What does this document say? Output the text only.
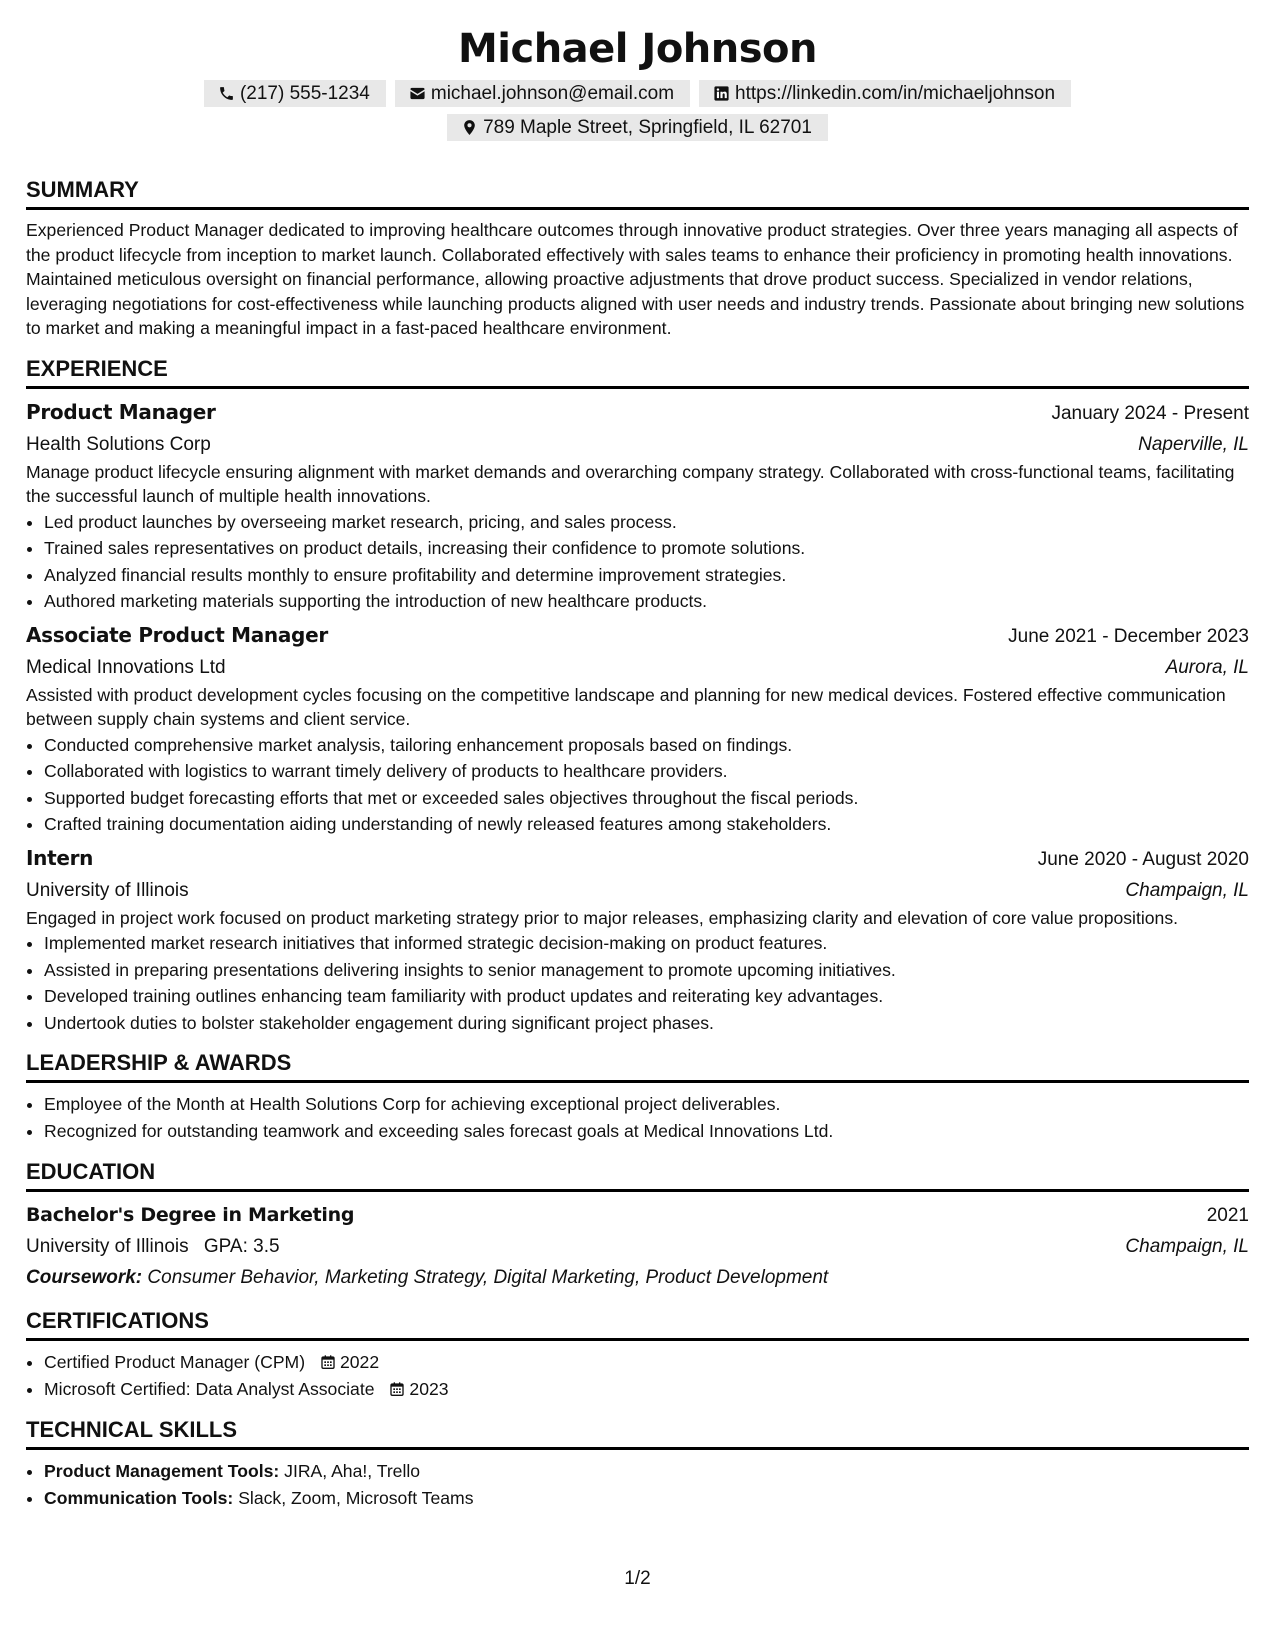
Michael Johnson
(217) 555-1234	michael.johnson@email.com	https://linkedin.com/in/michaeljohnson
789 Maple Street, Springfield, IL 62701
SUMMARY

Experienced Product Manager dedicated to improving healthcare outcomes through innovative product strategies. Over three years managing all aspects of the product lifecycle from inception to market launch. Collaborated effectively with sales teams to enhance their proficiency in promoting health innovations. Maintained meticulous oversight on financial performance, allowing proactive adjustments that drove product success. Specialized in vendor relations, leveraging negotiations for cost-effectiveness while launching products aligned with user needs and industry trends. Passionate about bringing new solutions to market and making a meaningful impact in a fast-paced healthcare environment.

EXPERIENCE
Product Manager	January 2024 - Present
Health Solutions Corp	Naperville, IL

Manage product lifecycle ensuring alignment with market demands and overarching company strategy. Collaborated with cross-functional teams, facilitating the successful launch of multiple health innovations.

• Led product launches by overseeing market research, pricing, and sales process.
• Trained sales representatives on product details, increasing their confidence to promote solutions.
• Analyzed financial results monthly to ensure profitability and determine improvement strategies.
• Authored marketing materials supporting the introduction of new healthcare products.
Associate Product Manager	June 2021 - December 2023
Medical Innovations Ltd	Aurora, IL

Assisted with product development cycles focusing on the competitive landscape and planning for new medical devices. Fostered effective communication between supply chain systems and client service.

• Conducted comprehensive market analysis, tailoring enhancement proposals based on findings.
• Collaborated with logistics to warrant timely delivery of products to healthcare providers.
• Supported budget forecasting efforts that met or exceeded sales objectives throughout the fiscal periods.
• Crafted training documentation aiding understanding of newly released features among stakeholders.
Intern	June 2020 - August 2020
University of Illinois	Champaign, IL

Engaged in project work focused on product marketing strategy prior to major releases, emphasizing clarity and elevation of core value propositions.

• Implemented market research initiatives that informed strategic decision-making on product features.
• Assisted in preparing presentations delivering insights to senior management to promote upcoming initiatives.
• Developed training outlines enhancing team familiarity with product updates and reiterating key advantages.
• Undertook duties to bolster stakeholder engagement during significant project phases.
LEADERSHIP & AWARDS
• Employee of the Month at Health Solutions Corp for achieving exceptional project deliverables.
• Recognized for outstanding teamwork and exceeding sales forecast goals at Medical Innovations Ltd.
EDUCATION
Bachelor's Degree in Marketing	2021
University of Illinois GPA: 3.5	Champaign, IL
Coursework: Consumer Behavior, Marketing Strategy, Digital Marketing, Product Development
CERTIFICATIONS
• Certified Product Manager (CPM) 2022
• Microsoft Certified: Data Analyst Associate 2023
TECHNICAL SKILLS
• Product Management Tools: JIRA, Aha!, Trello
• Communication Tools: Slack, Zoom, Microsoft Teams
1/2
